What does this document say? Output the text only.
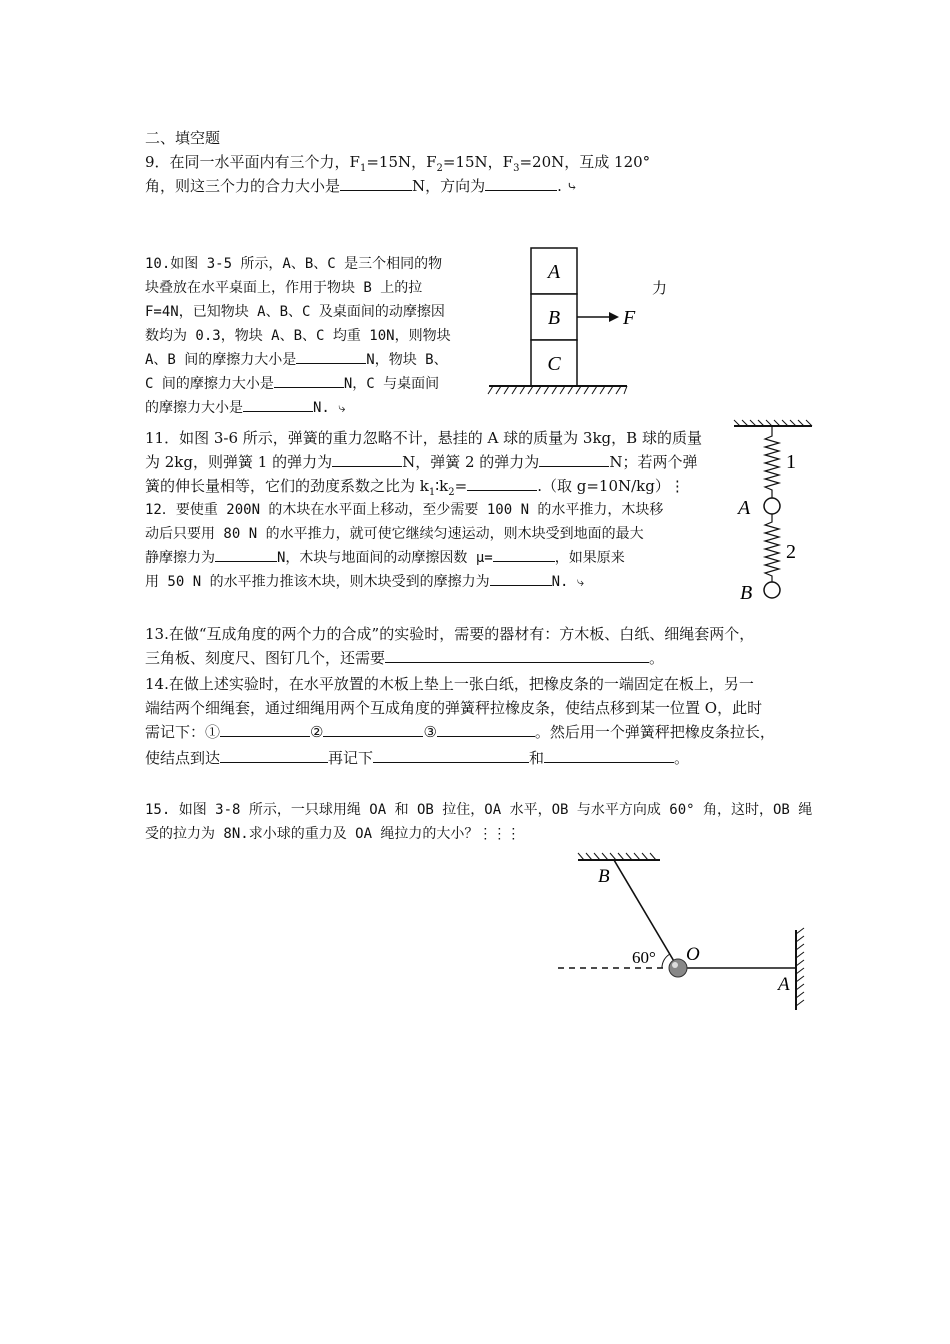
二、填空题
9．在同一水平面内有三个力，$F_1=15N$，$F_2=15N$，$F_3=20N$，互成 120°
角，则这三个力的合力大小是	N，方向为	. ⤷
10.如图 3-5 所示，A、B、C 是三个相同的物
块叠放在水平桌面上，作用于物块 B 上的拉	力
F=4N，已知物块 A、B、C 及桌面间的动摩擦因
数均为 0.3，物块 A、B、C 均重 10N，则物块
A、B 间的摩擦力大小是	N，物块 B、
C 间的摩擦力大小是	N，C 与桌面间
的摩擦力大小是	N. ⤷
A
B
C
F
11．如图 3-6 所示，弹簧的重力忽略不计，悬挂的 A 球的质量为 3kg，B 球的质量
为 2kg，则弹簧 1 的弹力为	N，弹簧 2 的弹力为	N；若两个弹
簧的伸长量相等，它们的劲度系数之比为 $k_1∶k_2=$	.（取 g=10N/kg）⋮
1
A
2
B
12．要使重 200N 的木块在水平面上移动，至少需要 100 N 的水平推力，木块移
动后只要用 80 N 的水平推力，就可使它继续匀速运动，则木块受到地面的最大
静摩擦力为	N，木块与地面间的动摩擦因数 μ=	，如果原来
用 50 N 的水平推力推该木块，则木块受到的摩擦力为	N. ⤷
13.在做“互成角度的两个力的合成”的实验时，需要的器材有：方木板、白纸、细绳套两个，
三角板、刻度尺、图钉几个，还需要	。
14.在做上述实验时，在水平放置的木板上垫上一张白纸，把橡皮条的一端固定在板上，另一
端结两个细绳套，通过细绳用两个互成角度的弹簧秤拉橡皮条，使结点移到某一位置 O，此时
需记下：①	②	③	。然后用一个弹簧秤把橡皮条拉长，
使结点到达	再记下	和	。
15. 如图 3-8 所示，一只球用绳 OA 和 OB 拉住，OA 水平，OB 与水平方向成 60° 角，这时，OB 绳
受的拉力为 8N.求小球的重力及 OA 绳拉力的大小？⋮⋮⋮
B
60° O
A
